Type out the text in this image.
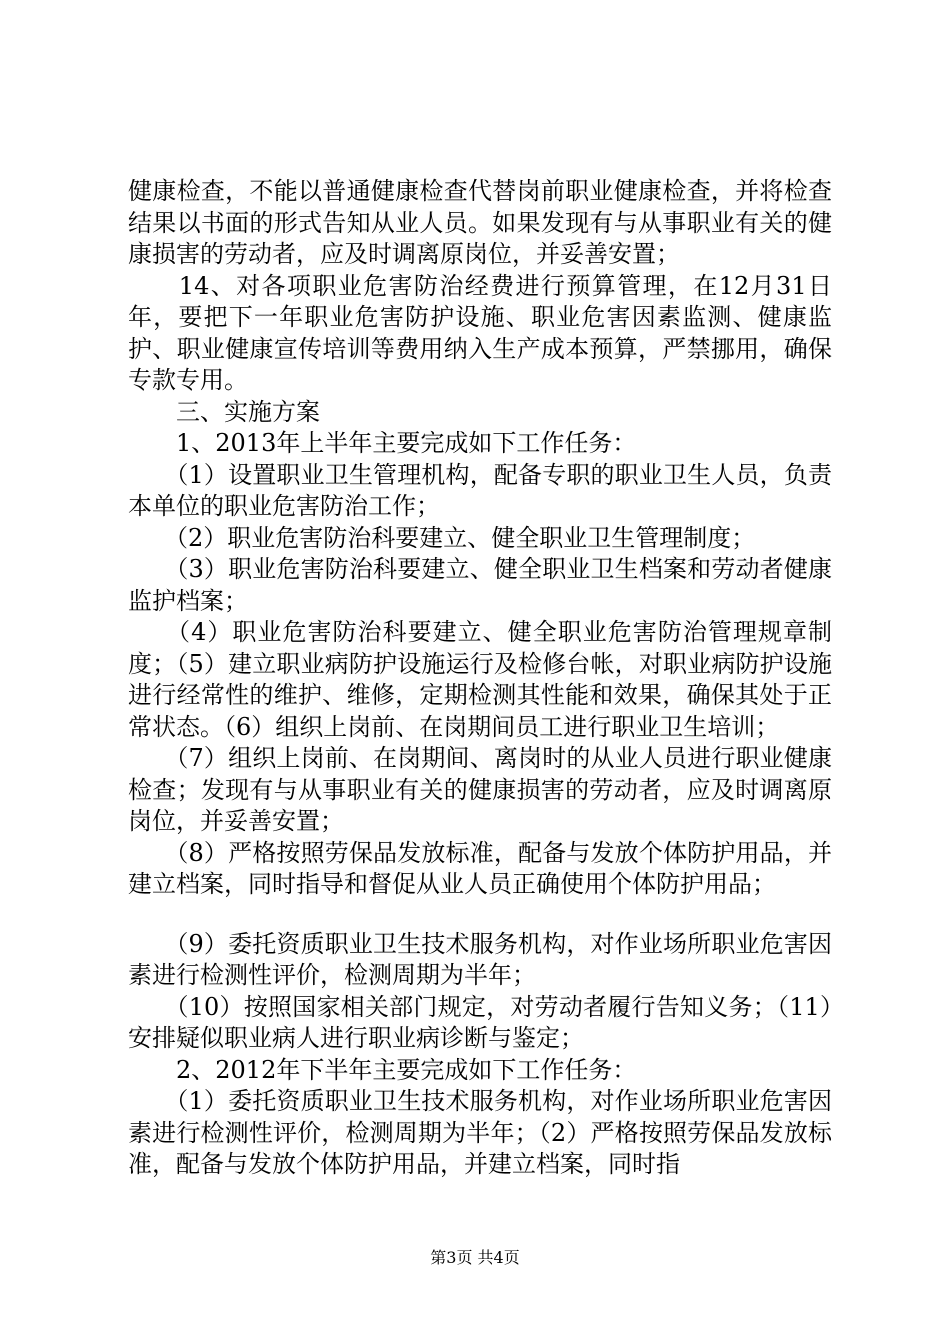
健康检查，不能以普通健康检查代替岗前职业健康检查，并将检查结果以书面的形式告知从业人员。如果发现有与从事职业有关的健康损害的劳动者，应及时调离原岗位，并妥善安置；

　　14、对各项职业危害防治经费进行预算管理，在12月31日年，要把下一年职业危害防护设施、职业危害因素监测、健康监护、职业健康宣传培训等费用纳入生产成本预算，严禁挪用，确保专款专用。

　　三、实施方案

　　1、2013年上半年主要完成如下工作任务：

　　（1）设置职业卫生管理机构，配备专职的职业卫生人员，负责本单位的职业危害防治工作；

　　（2）职业危害防治科要建立、健全职业卫生管理制度；

　　（3）职业危害防治科要建立、健全职业卫生档案和劳动者健康监护档案；

　　（4）职业危害防治科要建立、健全职业危害防治管理规章制度；（5）建立职业病防护设施运行及检修台帐，对职业病防护设施进行经常性的维护、维修，定期检测其性能和效果，确保其处于正常状态。（6）组织上岗前、在岗期间员工进行职业卫生培训；

　　（7）组织上岗前、在岗期间、离岗时的从业人员进行职业健康检查；发现有与从事职业有关的健康损害的劳动者，应及时调离原岗位，并妥善安置；

　　（8）严格按照劳保品发放标准，配备与发放个体防护用品，并建立档案，同时指导和督促从业人员正确使用个体防护用品；

　　（9）委托资质职业卫生技术服务机构，对作业场所职业危害因素进行检测性评价，检测周期为半年；

　　（10）按照国家相关部门规定，对劳动者履行告知义务；（11）安排疑似职业病人进行职业病诊断与鉴定；

　　2、2012年下半年主要完成如下工作任务：

　　（1）委托资质职业卫生技术服务机构，对作业场所职业危害因素进行检测性评价，检测周期为半年；（2）严格按照劳保品发放标准，配备与发放个体防护用品，并建立档案，同时指

第3页 共4页
